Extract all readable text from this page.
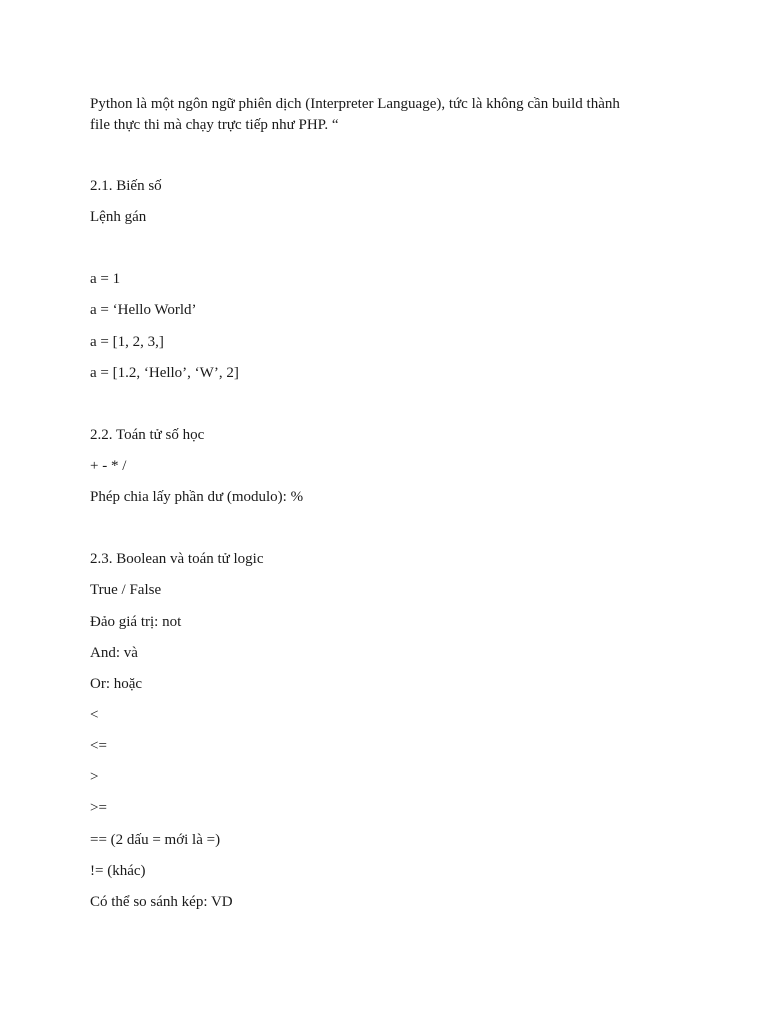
Python là một ngôn ngữ phiên dịch (Interpreter Language), tức là không cần build thành
file thực thi mà chạy trực tiếp như PHP. “
2.1. Biến số
Lệnh gán
a = 1
a = ‘Hello World’
a = [1, 2, 3,]
a = [1.2, ‘Hello’, ‘W’, 2]
2.2. Toán tử số học
+ - * /
Phép chia lấy phần dư (modulo): %
2.3. Boolean và toán tử logic
True / False
Đảo giá trị: not
And: và
Or: hoặc
<
<=
>
>=
== (2 dấu = mới là =)
!= (khác)
Có thể so sánh kép: VD
